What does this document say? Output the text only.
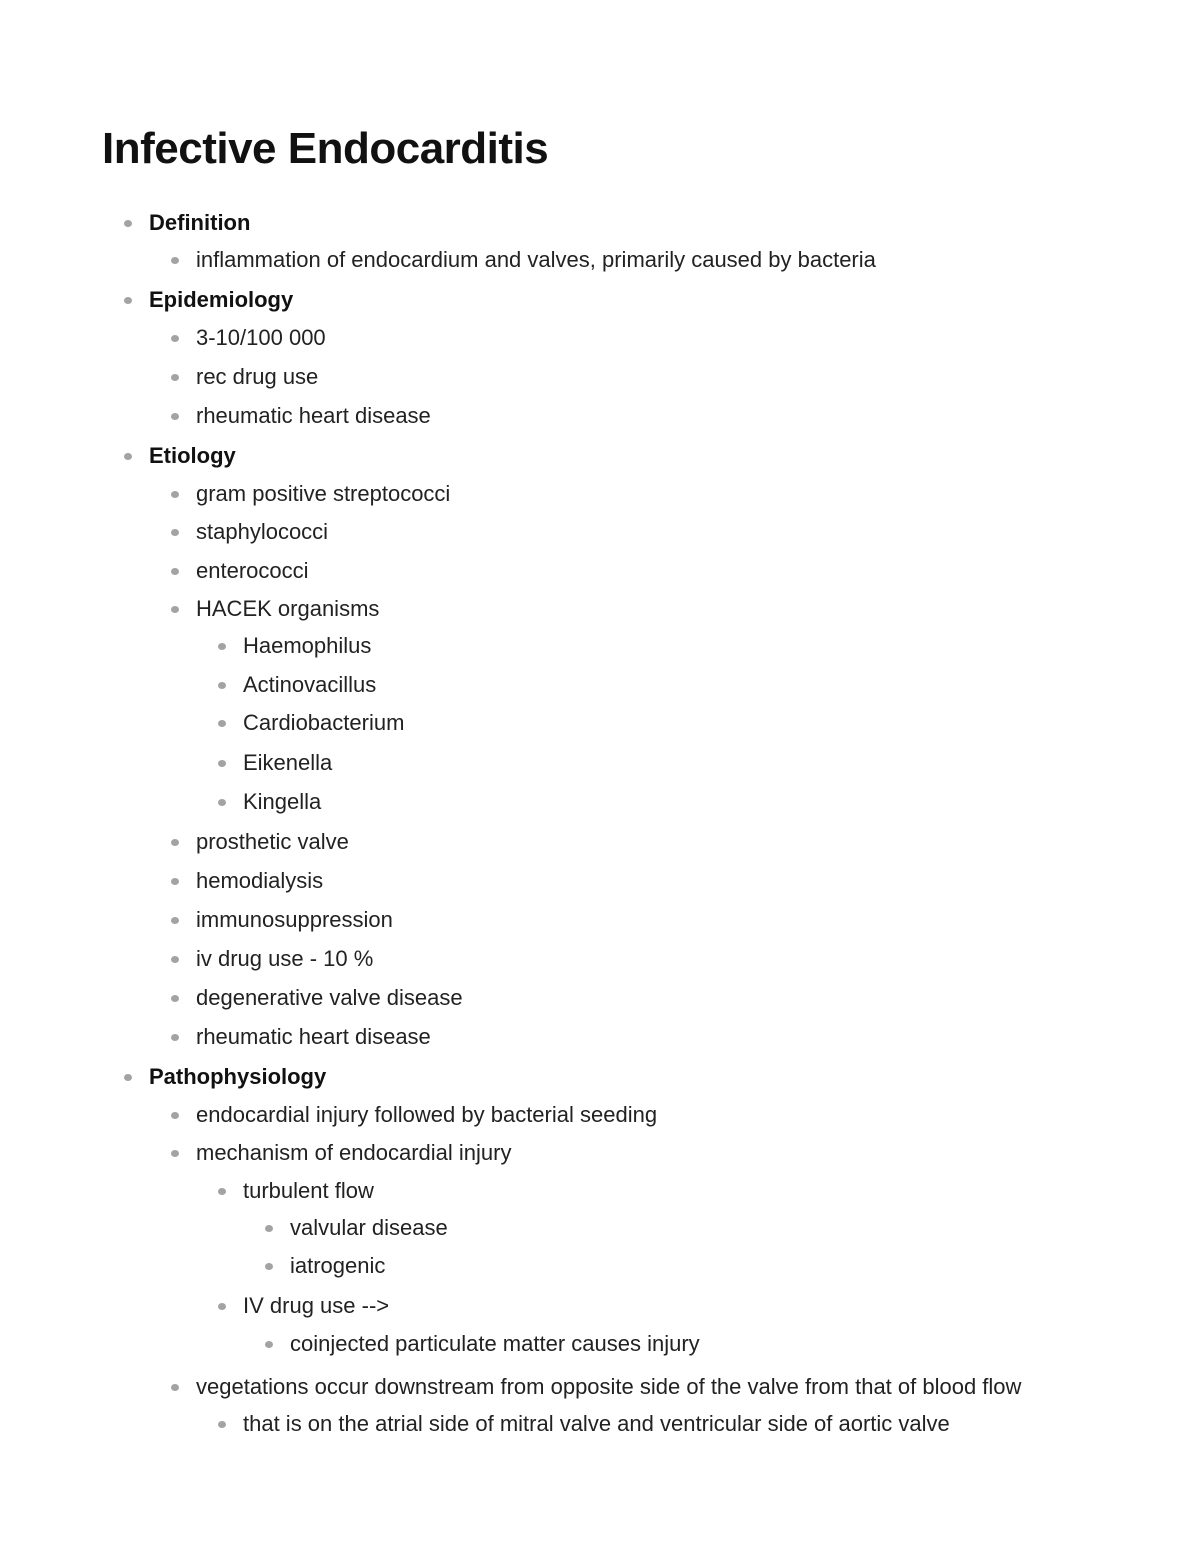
Infective Endocarditis
Definition
inflammation of endocardium and valves, primarily caused by bacteria
Epidemiology
3-10/100 000
rec drug use
rheumatic heart disease
Etiology
gram positive streptococci
staphylococci
enterococci
HACEK organisms
Haemophilus
Actinovacillus
Cardiobacterium
Eikenella
Kingella
prosthetic valve
hemodialysis
immunosuppression
iv drug use - 10 %
degenerative valve disease
rheumatic heart disease
Pathophysiology
endocardial injury followed by bacterial seeding
mechanism of endocardial injury
turbulent flow
valvular disease
iatrogenic
IV drug use -->
coinjected particulate matter causes injury
vegetations occur downstream from opposite side of the valve from that of blood flow
that is on the atrial side of mitral valve and ventricular side of aortic valve
